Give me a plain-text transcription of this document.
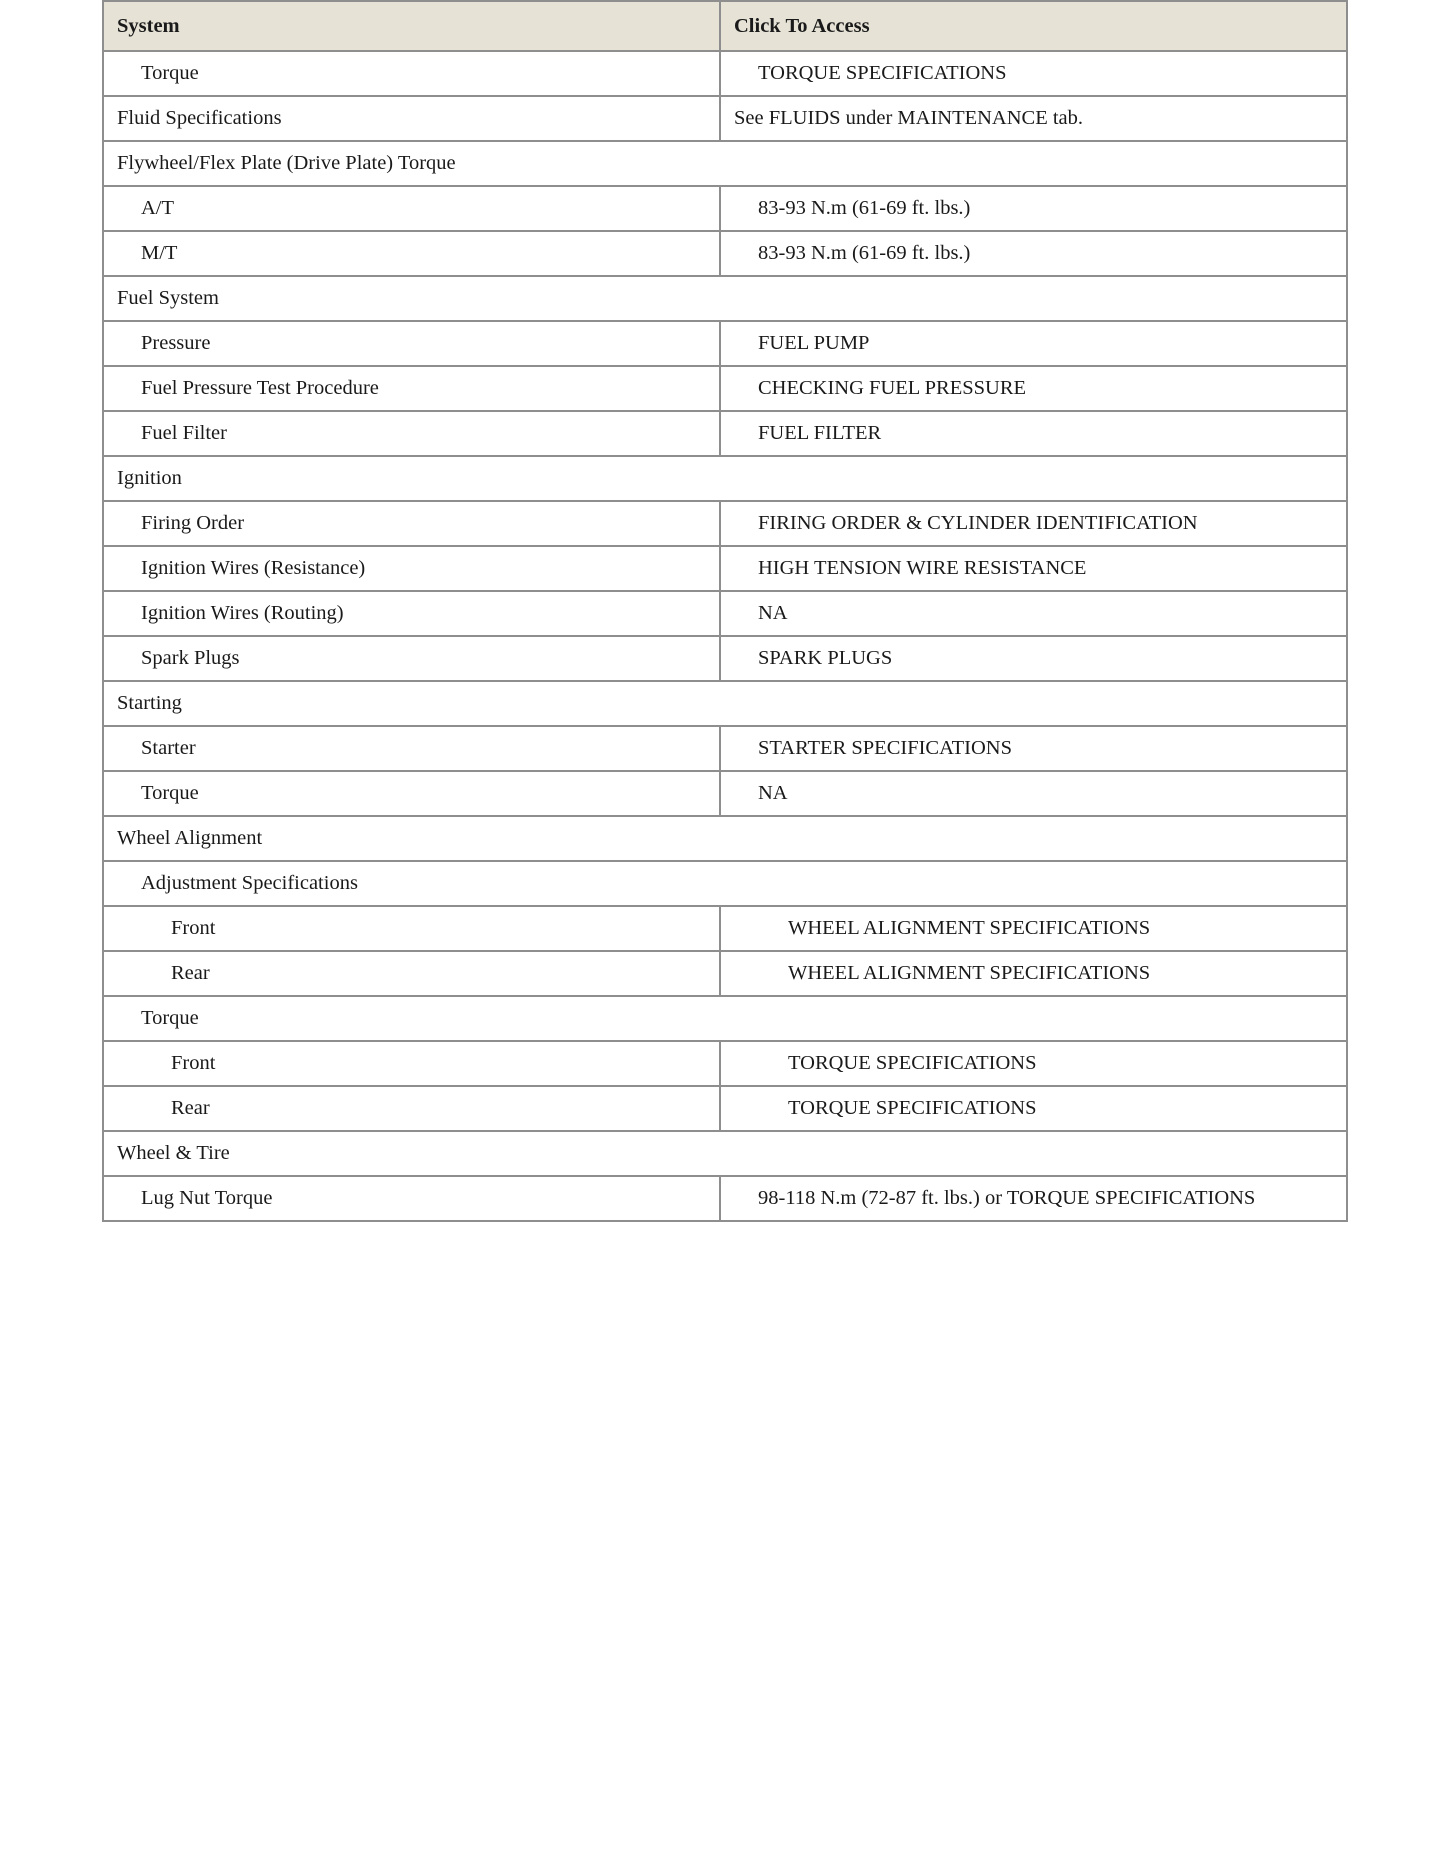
System	Click To Access
Torque	TORQUE SPECIFICATIONS
Fluid Specifications	See FLUIDS under MAINTENANCE tab.
Flywheel/Flex Plate (Drive Plate) Torque	
A/T	83-93 N.m (61-69 ft. lbs.)
M/T	83-93 N.m (61-69 ft. lbs.)
Fuel System	
Pressure	FUEL PUMP
Fuel Pressure Test Procedure	CHECKING FUEL PRESSURE
Fuel Filter	FUEL FILTER
Ignition	
Firing Order	FIRING ORDER & CYLINDER IDENTIFICATION
Ignition Wires (Resistance)	HIGH TENSION WIRE RESISTANCE
Ignition Wires (Routing)	NA
Spark Plugs	SPARK PLUGS
Starting	
Starter	STARTER SPECIFICATIONS
Torque	NA
Wheel Alignment	
Adjustment Specifications	
Front	WHEEL ALIGNMENT SPECIFICATIONS
Rear	WHEEL ALIGNMENT SPECIFICATIONS
Torque	
Front	TORQUE SPECIFICATIONS
Rear	TORQUE SPECIFICATIONS
Wheel & Tire	
Lug Nut Torque	98-118 N.m (72-87 ft. lbs.) or TORQUE SPECIFICATIONS
